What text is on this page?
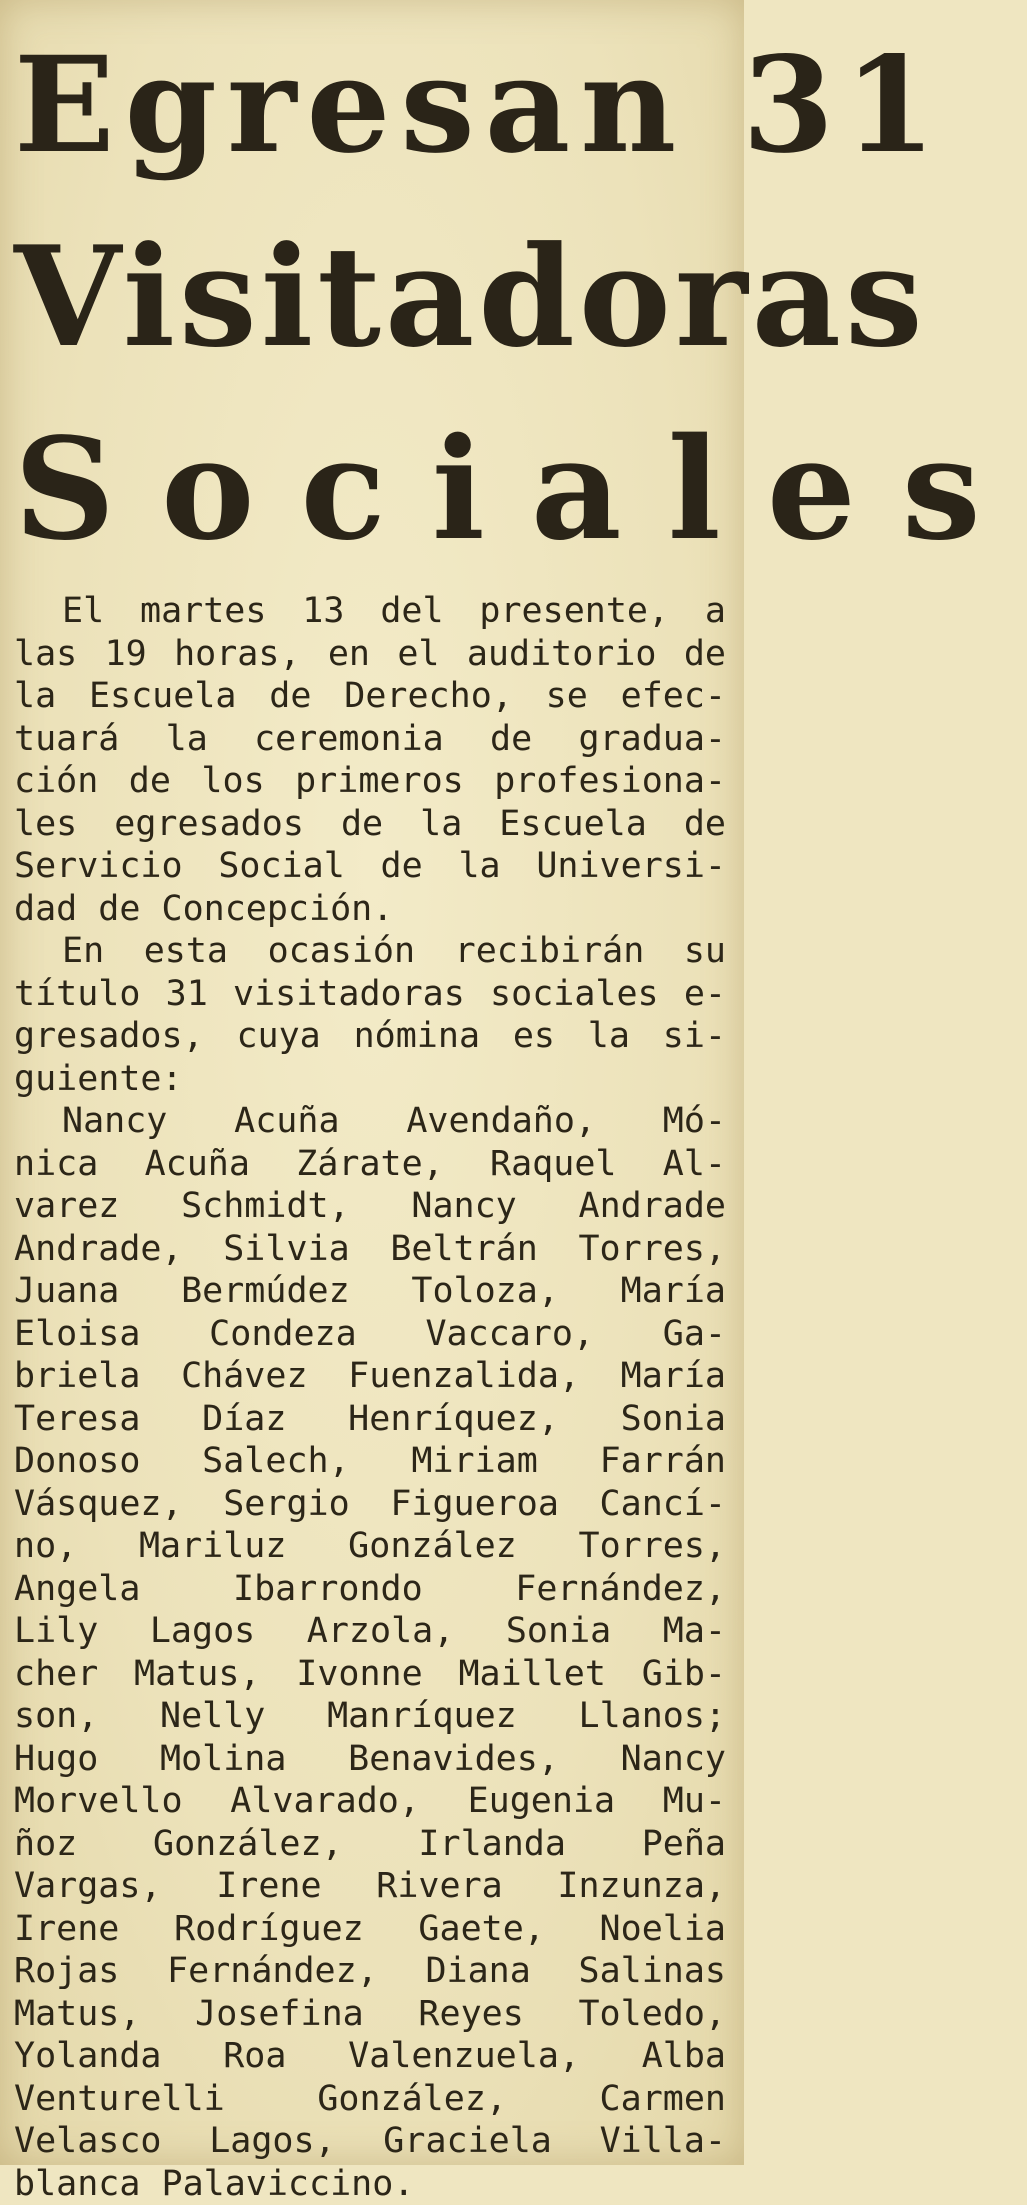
Egresan 31
Visitadoras
Sociales
El martes 13 del presente, a
las 19 horas, en el auditorio de
la Escuela de Derecho, se efec-
tuará la ceremonia de gradua-
ción de los primeros profesiona-
les egresados de la Escuela de
Servicio Social de la Universi-
dad de Concepción.
En esta ocasión recibirán su
título 31 visitadoras sociales e-
gresados, cuya nómina es la si-
guiente:
Nancy Acuña Avendaño, Mó-
nica Acuña Zárate, Raquel Al-
varez Schmidt, Nancy Andrade
Andrade, Silvia Beltrán Torres,
Juana Bermúdez Toloza, María
Eloisa Condeza Vaccaro, Ga-
briela Chávez Fuenzalida, María
Teresa Díaz Henríquez, Sonia
Donoso Salech, Miriam Farrán
Vásquez, Sergio Figueroa Cancí-
no, Mariluz González Torres,
Angela Ibarrondo Fernández,
Lily Lagos Arzola, Sonia Ma-
cher Matus, Ivonne Maillet Gib-
son, Nelly Manríquez Llanos;
Hugo Molina Benavides, Nancy
Morvello Alvarado, Eugenia Mu-
ñoz González, Irlanda Peña
Vargas, Irene Rivera Inzunza,
Irene Rodríguez Gaete, Noelia
Rojas Fernández, Diana Salinas
Matus, Josefina Reyes Toledo,
Yolanda Roa Valenzuela, Alba
Venturelli González, Carmen
Velasco Lagos, Graciela Villa-
blanca Palaviccino.
